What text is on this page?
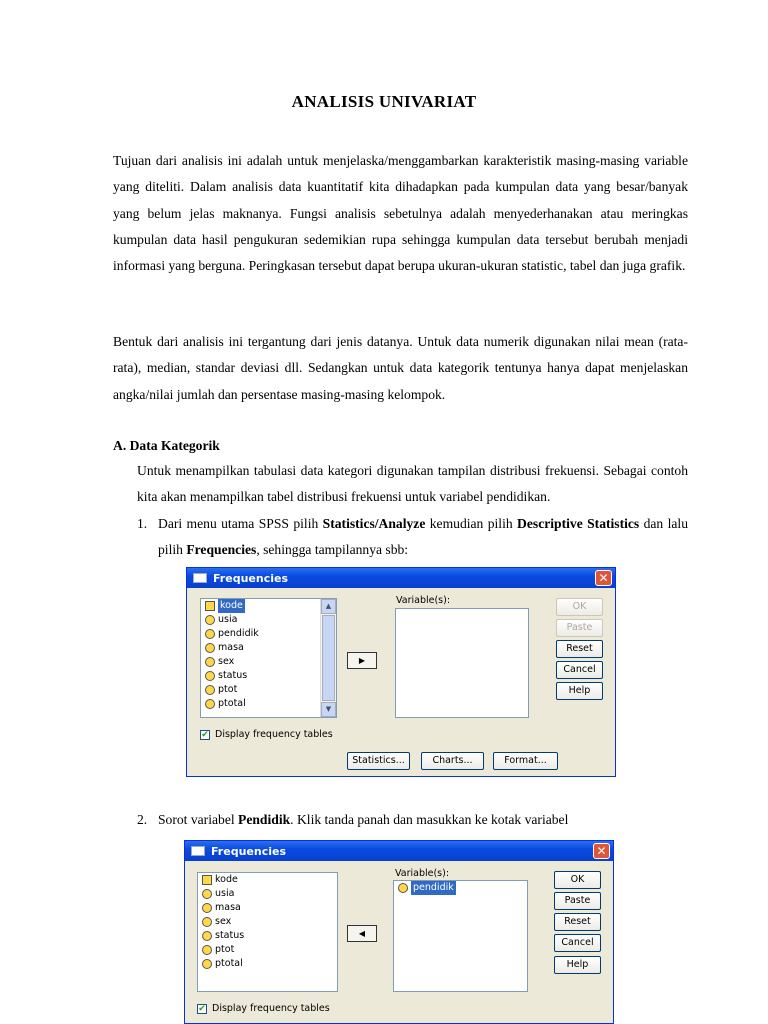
ANALISIS UNIVARIAT
Tujuan dari analisis ini adalah untuk menjelaska/menggambarkan karakteristik masing-masing variable yang diteliti. Dalam analisis data kuantitatif kita dihadapkan pada kumpulan data yang besar/banyak yang belum jelas maknanya. Fungsi analisis sebetulnya adalah menyederhanakan atau meringkas kumpulan data hasil pengukuran sedemikian rupa sehingga kumpulan data tersebut berubah menjadi informasi yang berguna. Peringkasan tersebut dapat berupa ukuran-ukuran statistic, tabel dan juga grafik.
Bentuk dari analisis ini tergantung dari jenis datanya. Untuk data numerik digunakan nilai mean (rata-rata), median, standar deviasi dll. Sedangkan untuk data kategorik tentunya hanya dapat menjelaskan angka/nilai jumlah dan persentase masing-masing kelompok.
A. Data Kategorik
Untuk menampilkan tabulasi data kategori digunakan tampilan distribusi frekuensi. Sebagai contoh kita akan menampilkan tabel distribusi frekuensi untuk variabel pendidikan.
1. Dari menu utama SPSS pilih Statistics/Analyze kemudian pilih Descriptive Statistics dan lalu pilih Frequencies, sehingga tampilannya sbb:
Frequencies	✕
kode
usia
pendidik
masa
sex
status
ptot
ptotal
▲
▼
▶
Variable(s):
OK
Paste
Reset
Cancel
Help
✔ Display frequency tables
Statistics...	Charts...	Format...
2. Sorot variabel Pendidik. Klik tanda panah dan masukkan ke kotak variabel
Frequencies	✕
kode
usia
masa
sex
status
ptot
ptotal
◀
Variable(s):
pendidik
OK
Paste
Reset
Cancel
Help
✔ Display frequency tables
